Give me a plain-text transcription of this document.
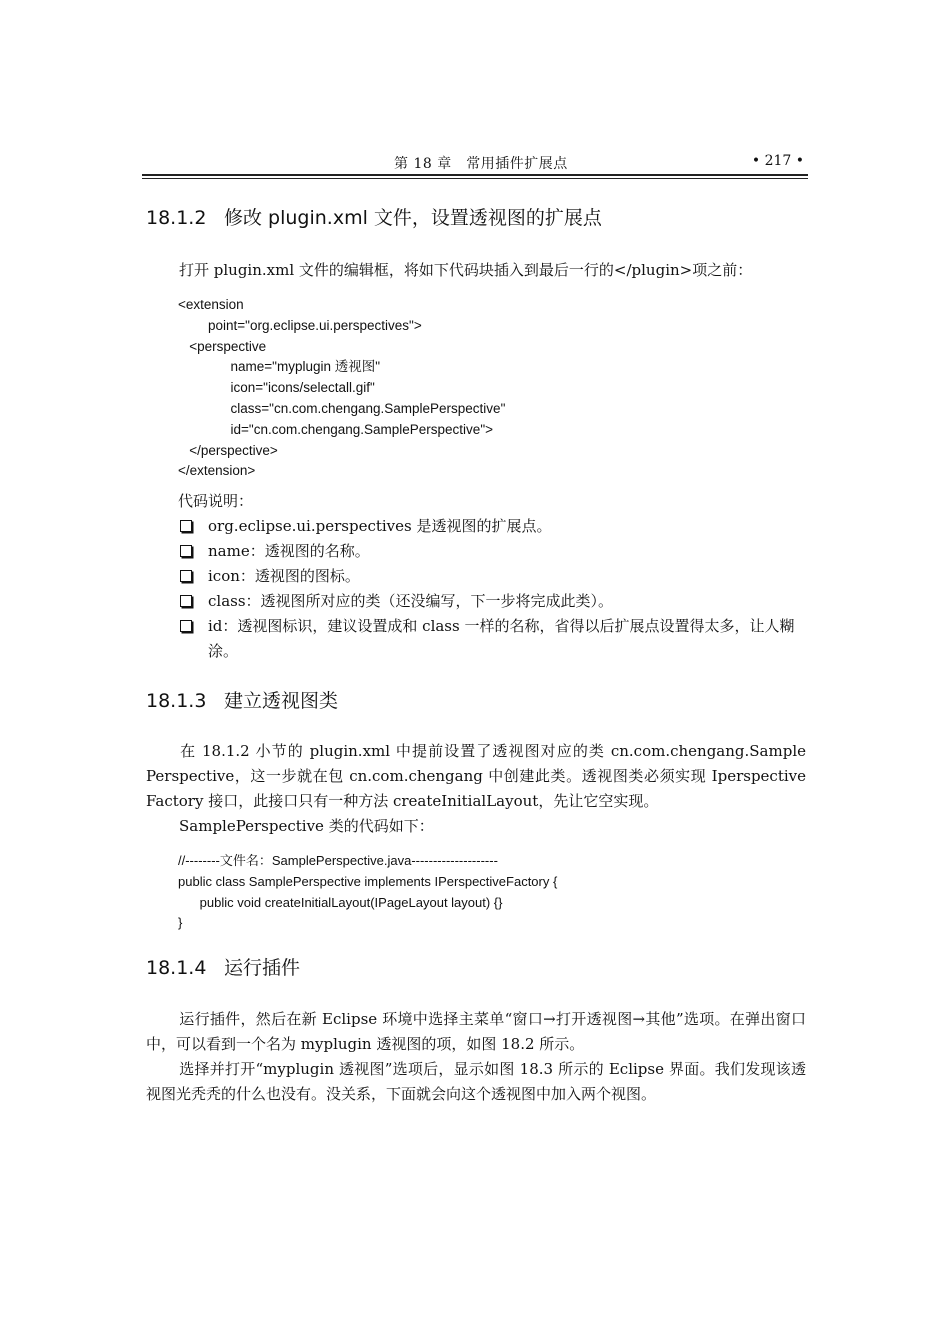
第 18 章　常用插件扩展点	• 217 •
18.1.2 修改 plugin.xml 文件，设置透视图的扩展点
打开 plugin.xml 文件的编辑框，将如下代码块插入到最后一行的</plugin>项之前：
<extension
point="org.eclipse.ui.perspectives">
<perspective
name="myplugin 透视图"
icon="icons/selectall.gif"
class="cn.com.chengang.SamplePerspective"
id="cn.com.chengang.SamplePerspective">
</perspective>
</extension>
代码说明：
org.eclipse.ui.perspectives 是透视图的扩展点。
name：透视图的名称。
icon：透视图的图标。
class：透视图所对应的类（还没编写，下一步将完成此类）。
id：透视图标识，建议设置成和 class 一样的名称，省得以后扩展点设置得太多，让人糊涂。
18.1.3 建立透视图类
在 18.1.2 小节的 plugin.xml 中提前设置了透视图对应的类 cn.com.chengang.Sample Perspective，这一步就在包 cn.com.chengang 中创建此类。透视图类必须实现 Iperspective Factory 接口，此接口只有一种方法 createInitialLayout，先让它空实现。
SamplePerspective 类的代码如下：
//--------文件名：SamplePerspective.java--------------------
public class SamplePerspective implements IPerspectiveFactory {
public void createInitialLayout(IPageLayout layout) {}
}
18.1.4 运行插件
运行插件，然后在新 Eclipse 环境中选择主菜单“窗口→打开透视图→其他”选项。在弹出窗口中，可以看到一个名为 myplugin 透视图的项，如图 18.2 所示。
选择并打开“myplugin 透视图”选项后，显示如图 18.3 所示的 Eclipse 界面。我们发现该透视图光秃秃的什么也没有。没关系，下面就会向这个透视图中加入两个视图。
